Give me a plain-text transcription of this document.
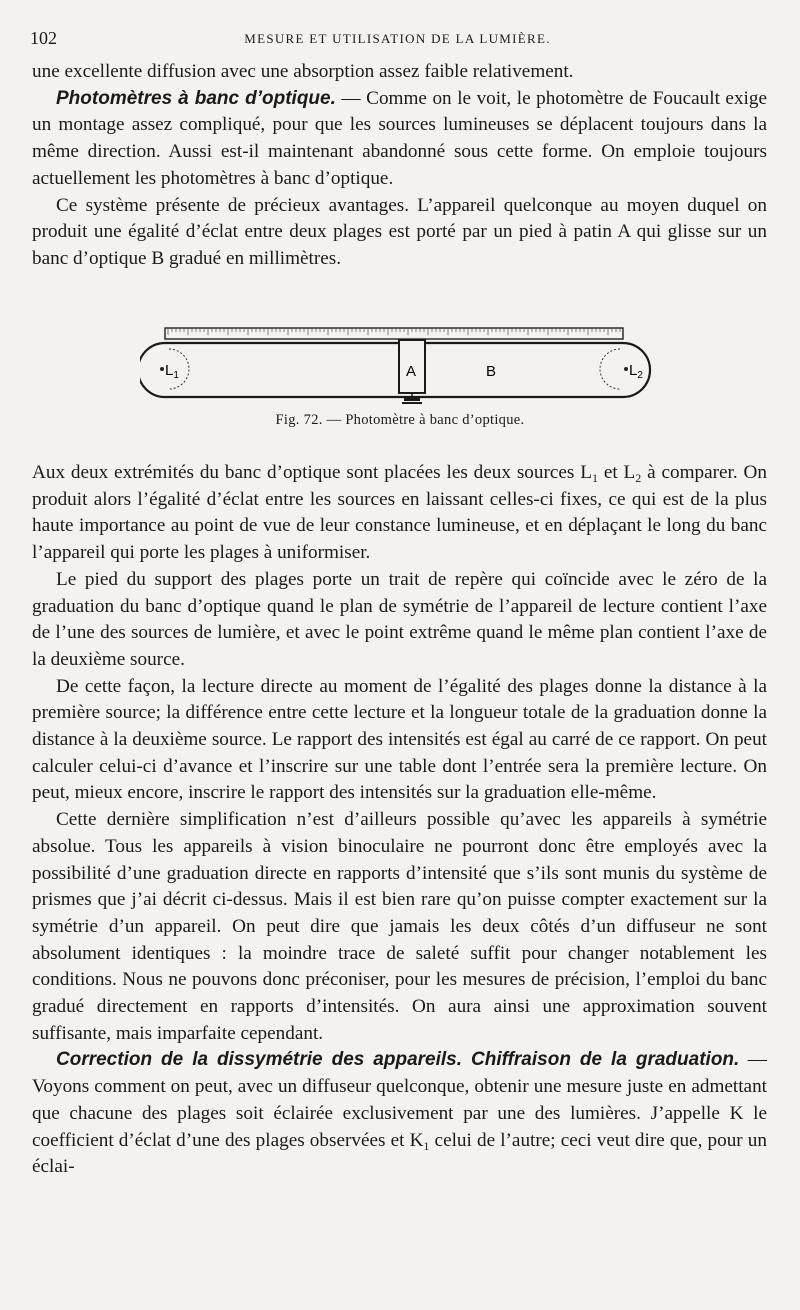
102	MESURE ET UTILISATION DE LA LUMIÈRE.

une excellente diffusion avec une absorption assez faible relativement.

Photomètres à banc d’optique. — Comme on le voit, le photomètre de Foucault exige un montage assez compliqué, pour que les sources lumineuses se déplacent toujours dans la même direction. Aussi est-il maintenant abandonné sous cette forme. On emploie toujours actuellement les photomètres à banc d’optique.

Ce système présente de précieux avantages. L’appareil quelconque au moyen duquel on produit une égalité d’éclat entre deux plages est porté par un pied à patin A qui glisse sur un banc d’optique B gradué en millimètres.

$L_1$	$L_2$
A	B
Fig. 72. — Photomètre à banc d’optique.

Aux deux extrémités du banc d’optique sont placées les deux sources $L_1$ et $L_2$ à comparer. On produit alors l’égalité d’éclat entre les sources en laissant celles-ci fixes, ce qui est de la plus haute importance au point de vue de leur constance lumineuse, et en déplaçant le long du banc l’appareil qui porte les plages à uniformiser.

Le pied du support des plages porte un trait de repère qui coïncide avec le zéro de la graduation du banc d’optique quand le plan de symétrie de l’appareil de lecture contient l’axe de l’une des sources de lumière, et avec le point extrême quand le même plan contient l’axe de la deuxième source.

De cette façon, la lecture directe au moment de l’égalité des plages donne la distance à la première source; la différence entre cette lecture et la longueur totale de la graduation donne la distance à la deuxième source. Le rapport des intensités est égal au carré de ce rapport. On peut calculer celui-ci d’avance et l’inscrire sur une table dont l’entrée sera la première lecture. On peut, mieux encore, inscrire le rapport des intensités sur la graduation elle-même.

Cette dernière simplification n’est d’ailleurs possible qu’avec les appareils à symétrie absolue. Tous les appareils à vision binoculaire ne pourront donc être employés avec la possibilité d’une graduation directe en rapports d’intensité que s’ils sont munis du système de prismes que j’ai décrit ci-dessus. Mais il est bien rare qu’on puisse compter exactement sur la symétrie d’un appareil. On peut dire que jamais les deux côtés d’un diffuseur ne sont absolument identiques : la moindre trace de saleté suffit pour changer notablement les conditions. Nous ne pouvons donc préconiser, pour les mesures de précision, l’emploi du banc gradué directement en rapports d’intensités. On aura ainsi une approximation souvent suffisante, mais imparfaite cependant.

Correction de la dissymétrie des appareils. Chiffraison de la graduation. — Voyons comment on peut, avec un diffuseur quelconque, obtenir une mesure juste en admettant que chacune des plages soit éclairée exclusivement par une des lumières. J’appelle K le coefficient d’éclat d’une des plages observées et $K_1$ celui de l’autre; ceci veut dire que, pour un éclai-
